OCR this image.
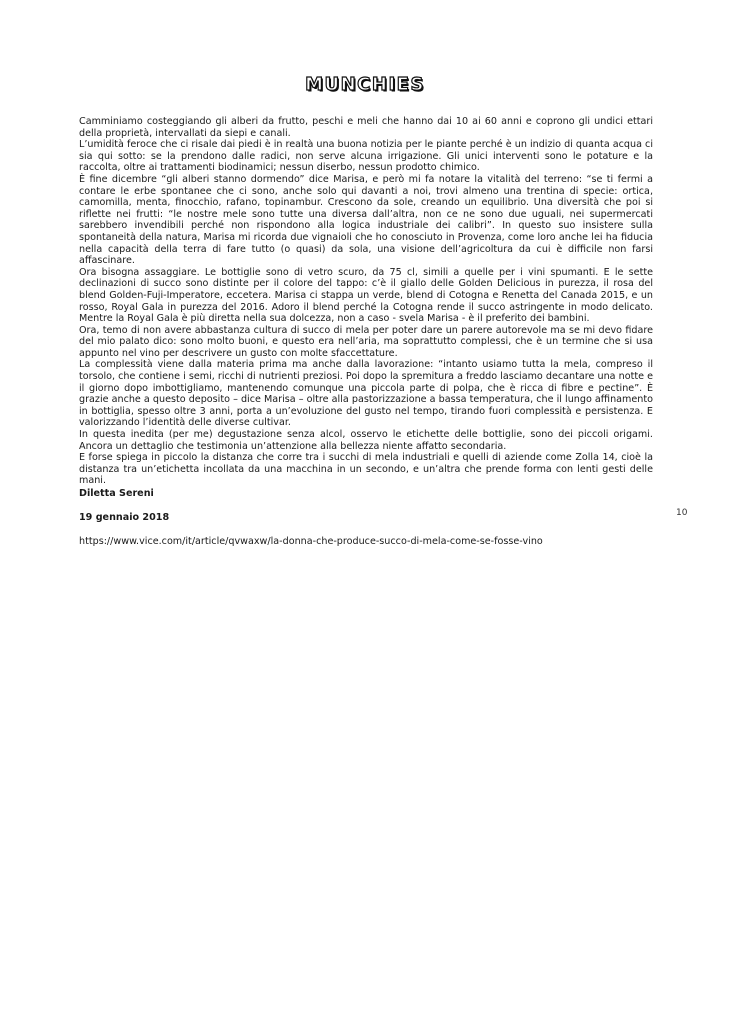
MUNCHIES

Camminiamo costeggiando gli alberi da frutto, peschi e meli che hanno dai 10 ai 60 anni e coprono gli undici ettari della proprietà, intervallati da siepi e canali.

L’umidità feroce che ci risale dai piedi è in realtà una buona notizia per le piante perché è un indizio di quanta acqua ci sia qui sotto: se la prendono dalle radici, non serve alcuna irrigazione. Gli unici interventi sono le potature e la raccolta, oltre ai trattamenti biodinamici; nessun diserbo, nessun prodotto chimico.

È fine dicembre “gli alberi stanno dormendo” dice Marisa, e però mi fa notare la vitalità del terreno: “se ti fermi a contare le erbe spontanee che ci sono, anche solo qui davanti a noi, trovi almeno una trentina di specie: ortica, camomilla, menta, finocchio, rafano, topinambur. Crescono da sole, creando un equilibrio. Una diversità che poi si riflette nei frutti: “le nostre mele sono tutte una diversa dall’altra, non ce ne sono due uguali, nei supermercati sarebbero invendibili perché non rispondono alla logica industriale dei calibri”. In questo suo insistere sulla spontaneità della natura, Marisa mi ricorda due vignaioli che ho conosciuto in Provenza, come loro anche lei ha fiducia nella capacità della terra di fare tutto (o quasi) da sola, una visione dell’agricoltura da cui è difficile non farsi affascinare.

Ora bisogna assaggiare. Le bottiglie sono di vetro scuro, da 75 cl, simili a quelle per i vini spumanti. E le sette declinazioni di succo sono distinte per il colore del tappo: c’è il giallo delle Golden Delicious in purezza, il rosa del blend Golden-Fuji-Imperatore, eccetera. Marisa ci stappa un verde, blend di Cotogna e Renetta del Canada 2015, e un rosso, Royal Gala in purezza del 2016. Adoro il blend perché la Cotogna rende il succo astringente in modo delicato. Mentre la Royal Gala è più diretta nella sua dolcezza, non a caso - svela Marisa - è il preferito dei bambini.

Ora, temo di non avere abbastanza cultura di succo di mela per poter dare un parere autorevole ma se mi devo fidare del mio palato dico: sono molto buoni, e questo era nell’aria, ma soprattutto complessi, che è un termine che si usa appunto nel vino per descrivere un gusto con molte sfaccettature.

La complessità viene dalla materia prima ma anche dalla lavorazione: “intanto usiamo tutta la mela, compreso il torsolo, che contiene i semi, ricchi di nutrienti preziosi. Poi dopo la spremitura a freddo lasciamo decantare una notte e il giorno dopo imbottigliamo, mantenendo comunque una piccola parte di polpa, che è ricca di fibre e pectine”. È grazie anche a questo deposito – dice Marisa – oltre alla pastorizzazione a bassa temperatura, che il lungo affinamento in bottiglia, spesso oltre 3 anni, porta a un’evoluzione del gusto nel tempo, tirando fuori complessità e persistenza. E valorizzando l’identità delle diverse cultivar.

In questa inedita (per me) degustazione senza alcol, osservo le etichette delle bottiglie, sono dei piccoli origami. Ancora un dettaglio che testimonia un’attenzione alla bellezza niente affatto secondaria.

E forse spiega in piccolo la distanza che corre tra i succhi di mela industriali e quelli di aziende come Zolla 14, cioè la distanza tra un’etichetta incollata da una macchina in un secondo, e un’altra che prende forma con lenti gesti delle mani.

Diletta Sereni
19 gennaio 2018
https://www.vice.com/it/article/qvwaxw/la-donna-che-produce-succo-di-mela-come-se-fosse-vino
10
